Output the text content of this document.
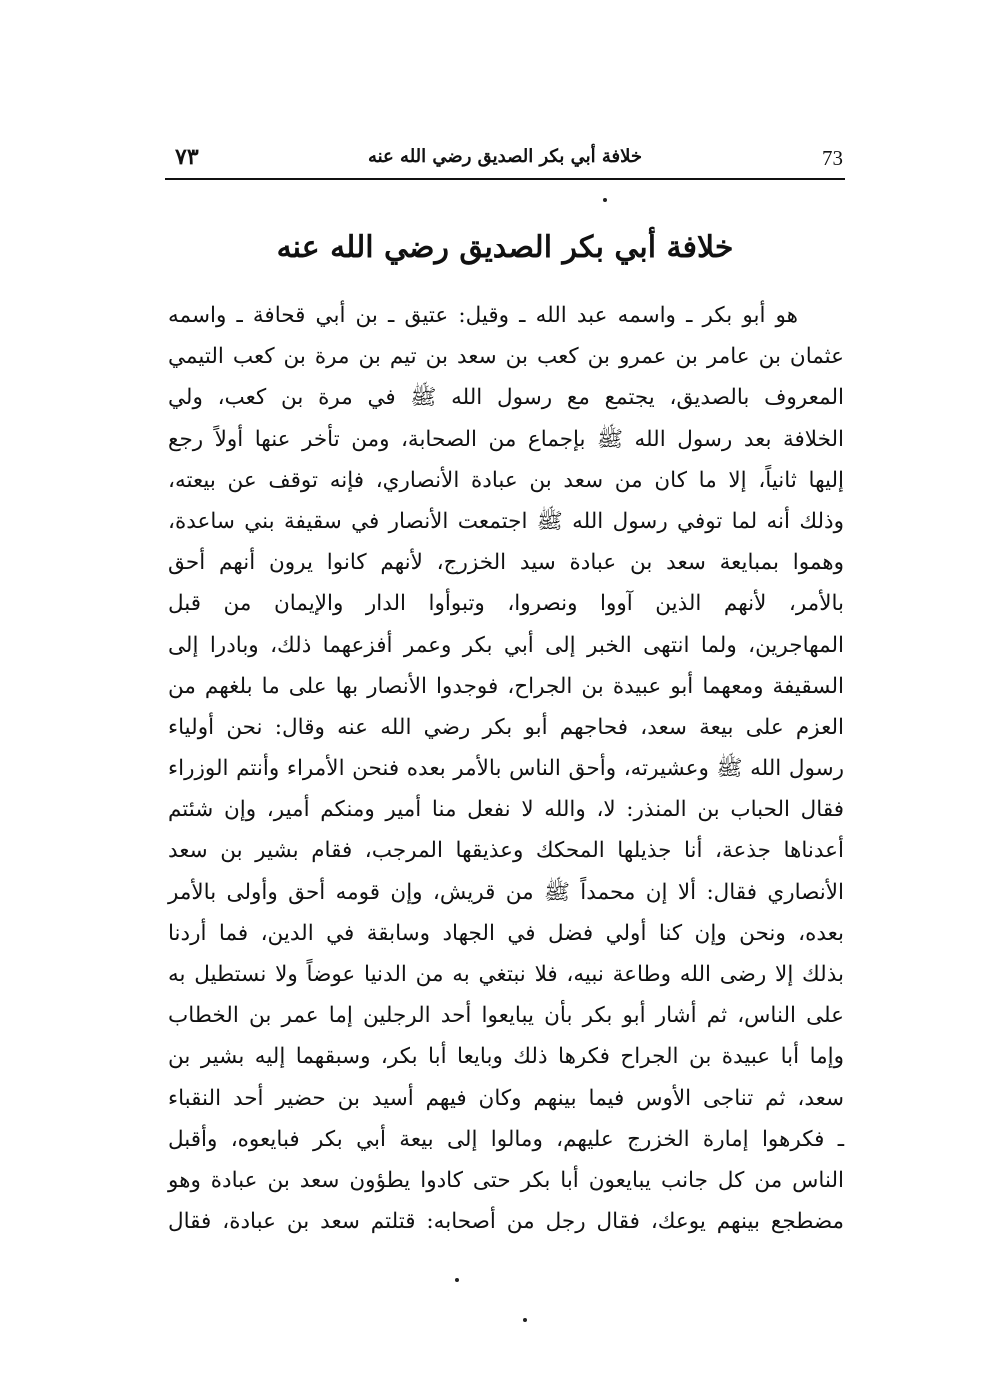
٧٣	خلافة أبي بكر الصديق رضي الله عنه	73
خلافة أبي بكر الصديق رضي الله عنه
هو أبو بكر ـ واسمه عبد الله ـ وقيل: عتيق ـ بن أبي قحافة ـ واسمه
عثمان بن عامر بن عمرو بن كعب بن سعد بن تيم بن مرة بن كعب التيمي
المعروف بالصديق، يجتمع مع رسول الله ﷺ في مرة بن كعب، ولي
الخلافة بعد رسول الله ﷺ بإجماع من الصحابة، ومن تأخر عنها أولاً رجع
إليها ثانياً، إلا ما كان من سعد بن عبادة الأنصاري، فإنه توقف عن بيعته،
وذلك أنه لما توفي رسول الله ﷺ اجتمعت الأنصار في سقيفة بني ساعدة،
وهموا بمبايعة سعد بن عبادة سيد الخزرج، لأنهم كانوا يرون أنهم أحق
بالأمر، لأنهم الذين آووا ونصروا، وتبوأوا الدار والإيمان من قبل
المهاجرين، ولما انتهى الخبر إلى أبي بكر وعمر أفزعهما ذلك، وبادرا إلى
السقيفة ومعهما أبو عبيدة بن الجراح، فوجدوا الأنصار بها على ما بلغهم من
العزم على بيعة سعد، فحاجهم أبو بكر رضي الله عنه وقال: نحن أولياء
رسول الله ﷺ وعشيرته، وأحق الناس بالأمر بعده فنحن الأمراء وأنتم الوزراء
فقال الحباب بن المنذر: لا، والله لا نفعل منا أمير ومنكم أمير، وإن شئتم
أعدناها جذعة، أنا جذيلها المحكك وعذيقها المرجب، فقام بشير بن سعد
الأنصاري فقال: ألا إن محمداً ﷺ من قريش، وإن قومه أحق وأولى بالأمر
بعده، ونحن وإن كنا أولي فضل في الجهاد وسابقة في الدين، فما أردنا
بذلك إلا رضى الله وطاعة نبيه، فلا نبتغي به من الدنيا عوضاً ولا نستطيل به
على الناس، ثم أشار أبو بكر بأن يبايعوا أحد الرجلين إما عمر بن الخطاب
وإما أبا عبيدة بن الجراح فكرها ذلك وبايعا أبا بكر، وسبقهما إليه بشير بن
سعد، ثم تناجى الأوس فيما بينهم وكان فيهم أسيد بن حضير أحد النقباء
ـ فكرهوا إمارة الخزرج عليهم، ومالوا إلى بيعة أبي بكر فبايعوه، وأقبل
الناس من كل جانب يبايعون أبا بكر حتى كادوا يطؤون سعد بن عبادة وهو
مضطجع بينهم يوعك، فقال رجل من أصحابه: قتلتم سعد بن عبادة، فقال
